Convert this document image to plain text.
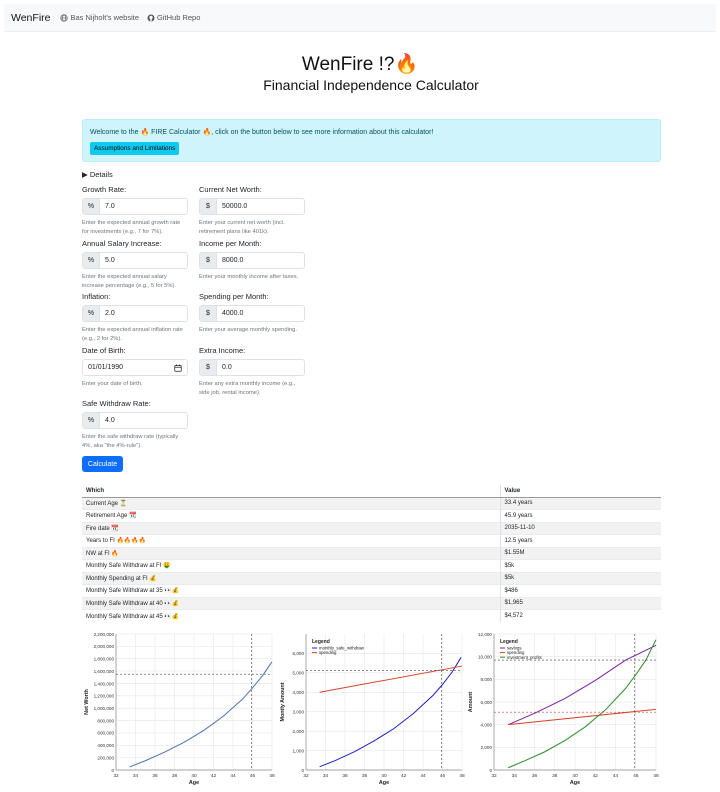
WenFire	Bas Nijholt's website GitHub Repo
WenFire !?🔥
Financial Independence Calculator
Welcome to the 🔥 FIRE Calculator 🔥, click on the button below to see more information about this calculator!
Assumptions and Limitations
▶ Details
Growth Rate:
%	7.0
Enter the expected annual growth rate for investments (e.g., 7 for 7%).
Annual Salary Increase:
%	5.0
Enter the expected annual salary increase percentage (e.g., 5 for 5%).
Inflation:
%	2.0
Enter the expected annual inflation rate (e.g., 2 for 2%).
Date of Birth:
01/01/1990
Enter your date of birth.
Safe Withdraw Rate:
%	4.0
Enter the safe withdraw rate (typically 4%, aka "the 4%-rule").
Current Net Worth:
$	50000.0
Enter your current net worth (incl. retirement plans like 401k).
Income per Month:
$	8000.0
Enter your monthly income after taxes.
Spending per Month:
$	4000.0
Enter your average monthly spending.
Extra Income:
$	0.0
Enter any extra monthly income (e.g., side job, rental income).
Calculate
Which	Value
Current Age ⏳	33.4 years
Retirement Age 📆	45.9 years
Fire date 📆	2035-11-10
Years to FI 🔥🔥🔥🔥	12.5 years
NW at FI 🔥	$1.55M
Monthly Safe Withdraw at FI 🤑	$5k
Monthly Spending at FI 💰	$5k
Monthly Safe Withdraw at 35 👀💰	$486
Monthly Safe Withdraw at 40 👀💰	$1,965
Monthly Safe Withdraw at 45 👀💰	$4,572
0
200,000
400,000
600,000
800,000
1,000,000
1,200,000
1,400,000
1,600,000
1,800,000
2,000,000
2,200,000
32	34	36	38	40	42	44	46	48
Age
Net Worth
0
1,000
2,000
3,000
4,000
5,000
6,000
32	34	36	38	40	42	44	46	48
Age
Montly Amount
Legend
monthly_safe_withdraw
spending
0
2,000
4,000
6,000
8,000
10,000
12,000
32	34	36	38	40	42	44	46	48
Age
Amount
Legend
savings
spending
investment_profits
